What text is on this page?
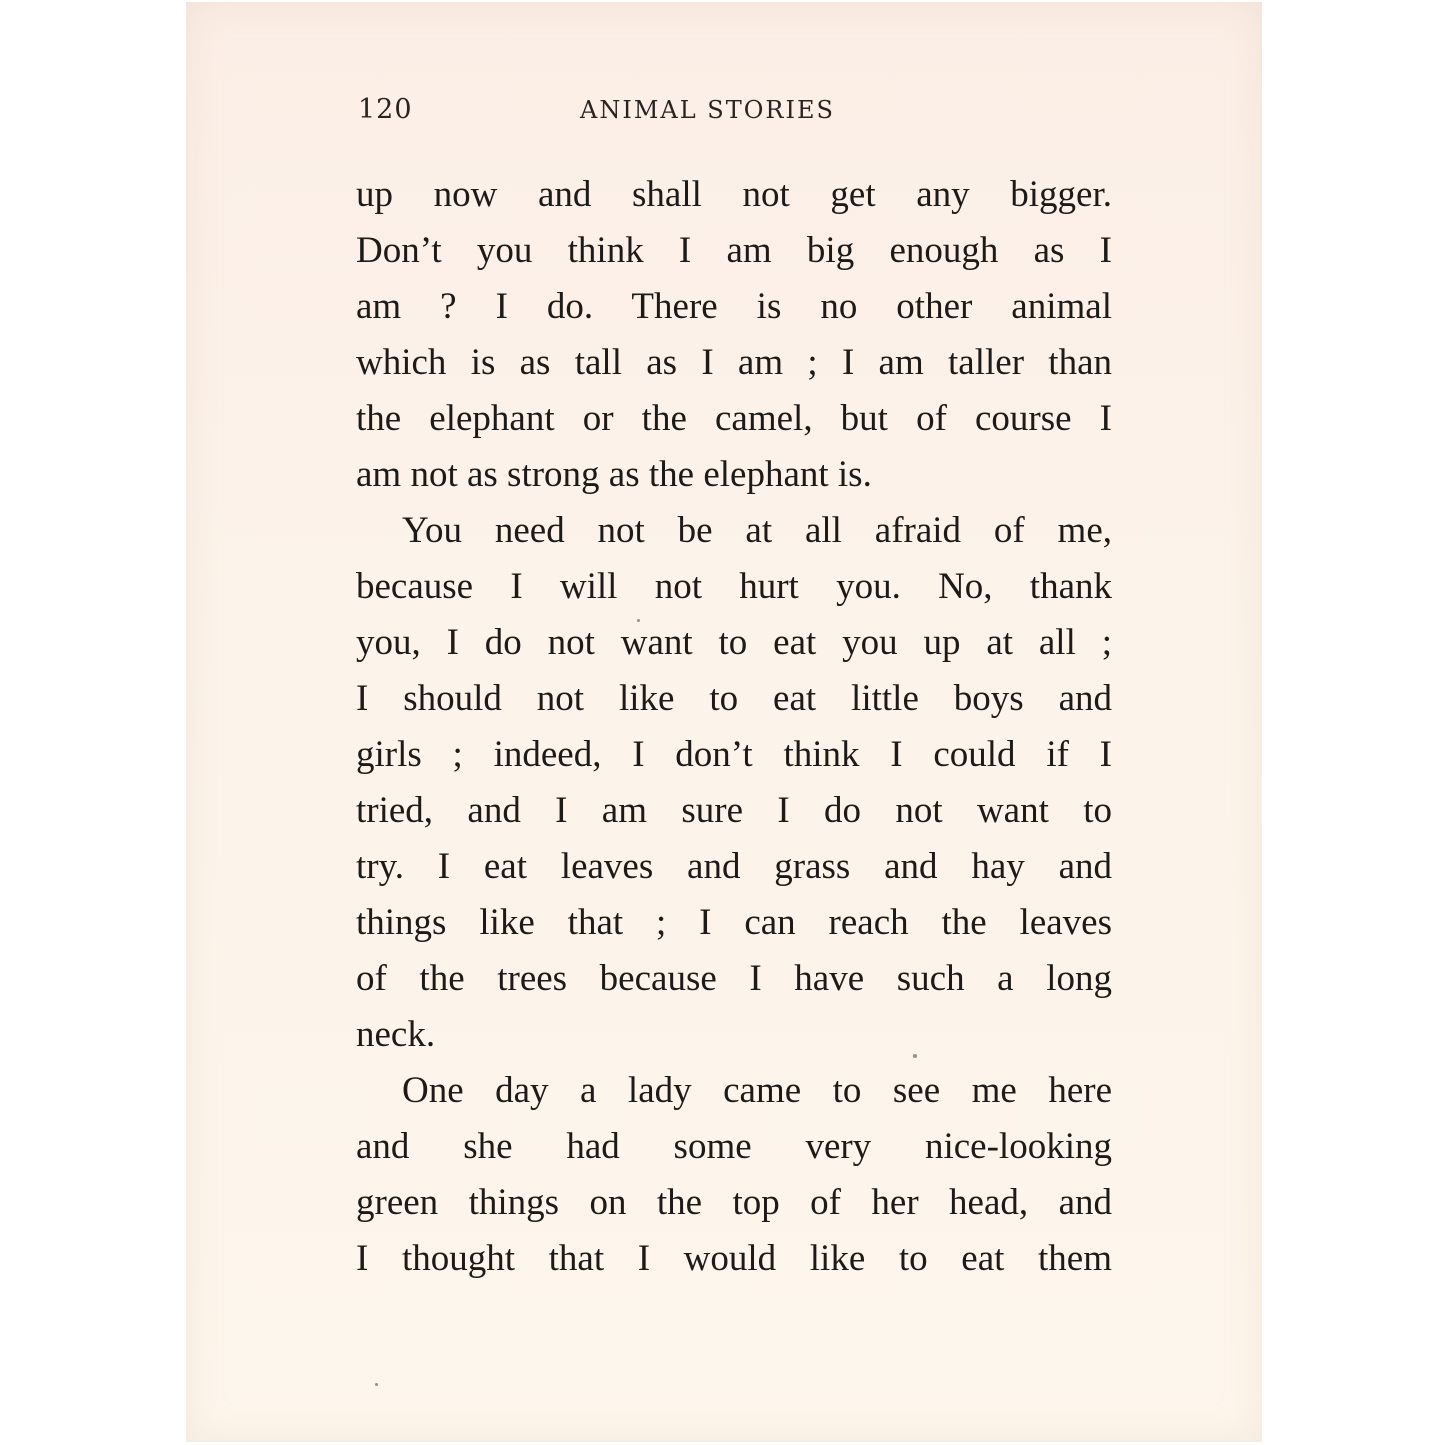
120	ANIMAL STORIES
up now and shall not get any bigger.
Don’t you think I am big enough as I
am ? I do. There is no other animal
which is as tall as I am ; I am taller than
the elephant or the camel, but of course I
am not as strong as the elephant is.
You need not be at all afraid of me,
because I will not hurt you. No, thank
you, I do not want to eat you up at all ;
I should not like to eat little boys and
girls ; indeed, I don’t think I could if I
tried, and I am sure I do not want to
try. I eat leaves and grass and hay and
things like that ; I can reach the leaves
of the trees because I have such a long
neck.
One day a lady came to see me here
and she had some very nice-looking
green things on the top of her head, and
I thought that I would like to eat them
